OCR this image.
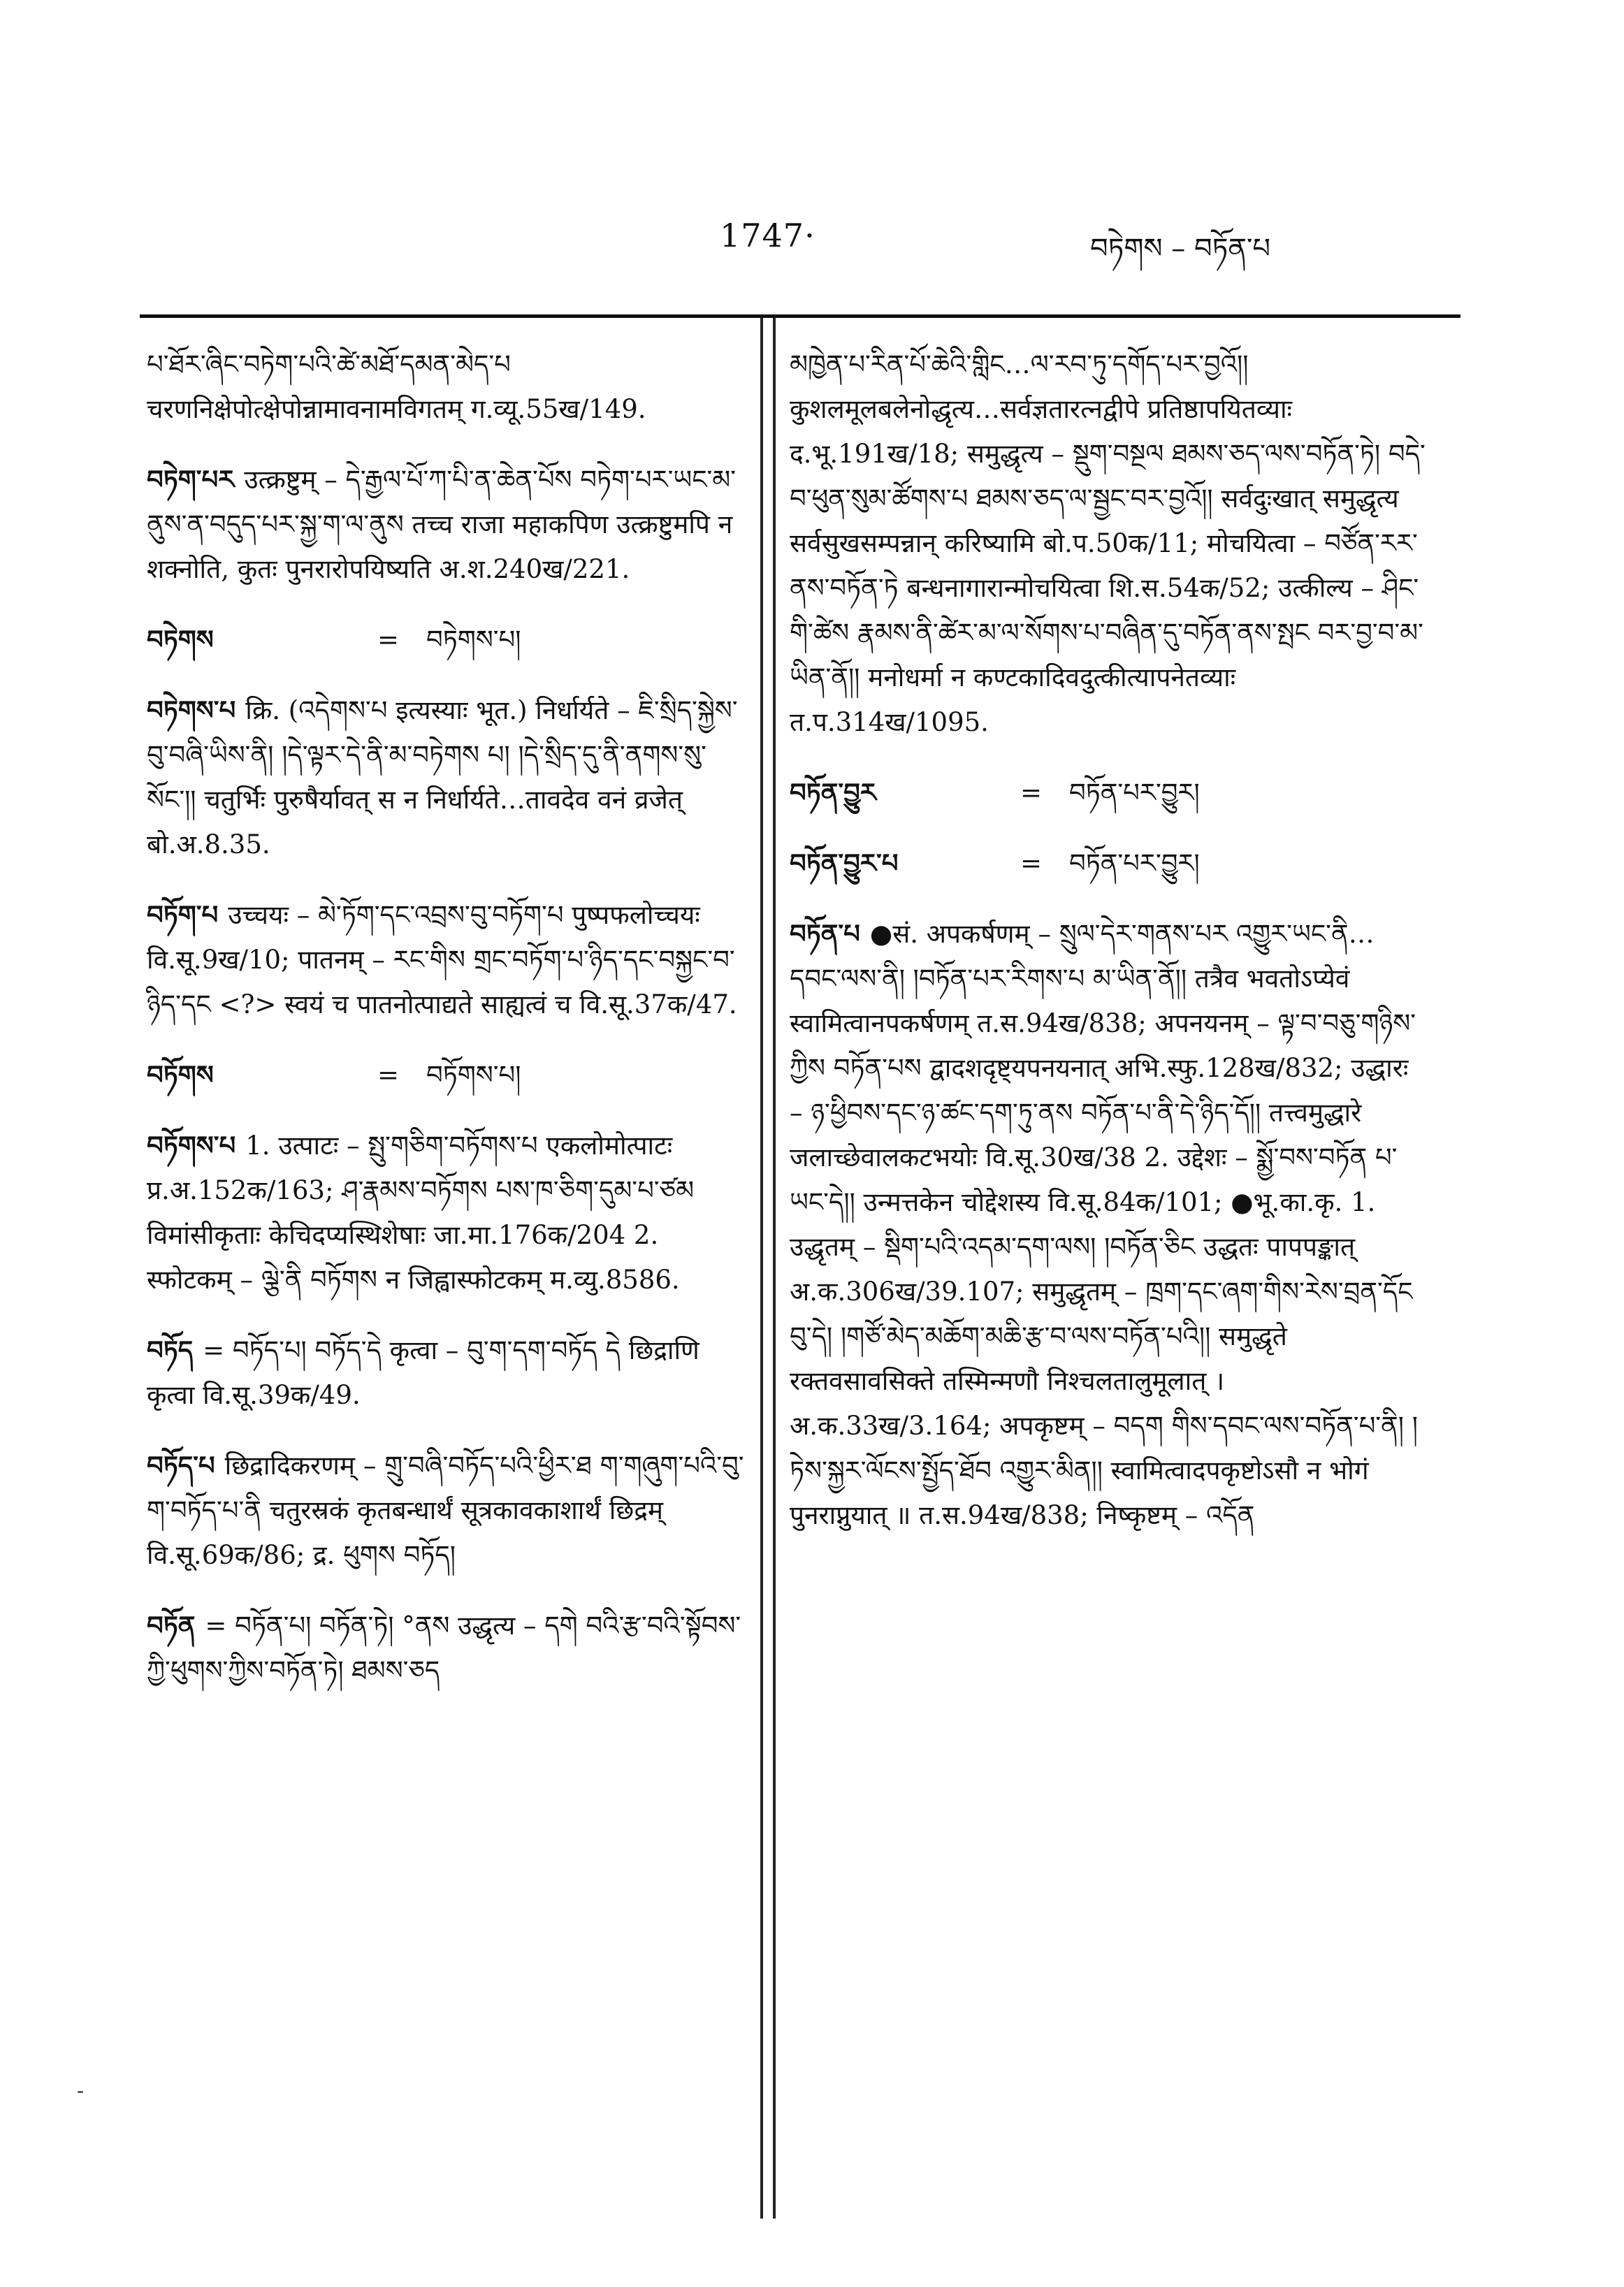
1747·	བཏེགས – བཏོན་པ
པ་ཐོར་ཞིང་བཏེག་པའི་ཚེ་མཐོ་དམན་མེད་པ चरणनिक्षेपोत्क्षेपोन्नामावनामविगतम् ग.व्यू.55ख/149.
བཏེག་པར उत्क्रष्टुम् – དེ་རྒྱལ་པོ་ཀ་པི་ན་ཆེན་པོས བཏེག་པར་ཡང་མ་ནུས་ན་བདུད་པར་སྐྱ་ག་ལ་ནུས तच्च राजा महाकपिण उत्क्रष्टुमपि न शक्नोति, कुतः पुनरारोपयिष्यति अ.श.240ख/221.
བཏེགས	=	བཏེགས་པ།
བཏེགས་པ क्रि. (འདེགས་པ इत्यस्याः भूत.) निर्धार्यते – ཇི་སྲིད་སྐྱེས་བུ་བཞི་ཡིས་ནི། །དེ་ལྟར་དེ་ནི་མ་བཏེགས པ། །དེ་སྲིད་དུ་ནི་ནགས་སུ་སོང༌།། चतुर्भिः पुरुषैर्यावत् स न निर्धार्यते…तावदेव वनं व्रजेत् बो.अ.8.35.
བཏོག་པ उच्चयः – མེ་ཏོག་དང་འབྲས་བུ་བཏོག་པ पुष्पफलोच्चयः वि.सू.9ख/10; पातनम् – རང་གིས གྲང་བཏོག་པ་ཉིད་དང་བསྐྱང་བ་ཉིད་དང <?> स्वयं च पातनोत्पाद्यते साह्यत्वं च वि.सू.37क/47.
བཏོགས	=	བཏོགས་པ།
བཏོགས་པ 1. उत्पाटः – སྤུ་གཅིག་བཏོགས་པ एकलोमोत्पाटः प्र.अ.152क/163; ཤ་རྣམས་བཏོགས པས་ཁ་ཅིག་དུམ་པ་ཙམ विमांसीकृताः केचिदप्यस्थिशेषाः जा.मा.176क/204 2. स्फोटकम् – ལྕེ་ནི བཏོགས न जिह्वास्फोटकम् म.व्यु.8586.
བཏོད = བཏོད་པ། བཏོད་དེ कृत्वा – བུ་ག་དག་བཏོད དེ छिद्राणि कृत्वा वि.सू.39क/49.
བཏོད་པ छिद्रादिकरणम् – གྲུ་བཞི་བཏོད་པའི་ཕྱིར་ཐ ག་གཞུག་པའི་བུ་ག་བཏོད་པ་ནི चतुरस्रकं कृतबन्धार्थं सूत्रकावकाशार्थं छिद्रम् वि.सू.69क/86; द्र. ཕུགས བཏོད།
བཏོན = བཏོན་པ། བཏོན་ཏེ། °ནས उद्धृत्य – དགེ བའི་རྩ་བའི་སྟོབས་ཀྱི་ཕུགས་ཀྱིས་བཏོན་ཏེ། ཐམས་ཅད
མཁྱེན་པ་རིན་པོ་ཆེའི་གླིང…ལ་རབ་ཏུ་དགོད་པར་བྱའོ།། कुशलमूलबलेनोद्धृत्य…सर्वज्ञतारत्नद्वीपे प्रतिष्ठापयितव्याः द.भू.191ख/18; समुद्धृत्य – སྡུག་བསྔལ ཐམས་ཅད་ལས་བཏོན་ཏེ། བདེ་བ་ཕུན་སུམ་ཚོགས་པ ཐམས་ཅད་ལ་སྦྱང་བར་བྱའོ།། सर्वदुःखात् समुद्धृत्य सर्वसुखसम्पन्नान् करिष्यामि बो.प.50क/11; मोचयित्वा – བཙོན་རར་ནས་བཏོན་ཏེ बन्धनागारान्मोचयित्वा शि.स.54क/52; उत्कील्य – ཤིང་གི་ཚེས རྣམས་ནི་ཚེར་མ་ལ་སོགས་པ་བཞིན་དུ་བཏོན་ནས་སྤང བར་བྱ་བ་མ་ཡིན་ནོ།། मनोधर्मा न कण्टकादिवदुत्कीत्यापनेतव्याः त.प.314ख/1095.
བཏོན་བྱུར	=	བཏོན་པར་བྱུར།
བཏོན་བྱུར་པ	=	བཏོན་པར་བྱུར།
བཏོན་པ ●सं. अपकर्षणम् – སྲུལ་དེར་གནས་པར འགྱུར་ཡང་ནི…དབང་ལས་ནི། །བཏོན་པར་རིགས་པ མ་ཡིན་ནོ།། तत्रैव भवतोऽप्येवं स्वामित्वानपकर्षणम् त.स.94ख/838; अपनयनम् – ལྟ་བ་བཅུ་གཉིས་ཀྱིས བཏོན་པས द्वादशदृष्ट्यपनयनात् अभि.स्फु.128ख/832; उद्धारः – ཉ་ཕྱིབས་དང་ཉ་ཚང་དག་ཏུ་ནས བཏོན་པ་ནི་དེ་ཉིད་དོ།། तत्त्वमुद्धारे जलाच्छेवालकटभयोः वि.सू.30ख/38 2. उद्देशः – སྨྱོ་བས་བཏོན པ་ཡང་དེ།། उन्मत्तकेन चोद्देशस्य वि.सू.84क/101; ●भू.का.कृ. 1. उद्धृतम् – སྡིག་པའི་འདམ་དག་ལས། །བཏོན་ཅིང उद्धतः पापपङ्कात् अ.क.306ख/39.107; समुद्धृतम् – ཁྲག་དང་ཞག་གིས་རེས་བྲན་དོང བུ་དེ། །གཙོ་མེད་མཆོག་མཆི་རྩ་བ་ལས་བཏོན་པའི།། समुद्धृते रक्तवसावसिक्ते तस्मिन्मणौ निश्चलतालुमूलात् । अ.क.33ख/3.164; अपकृष्टम् – བདག གིས་དབང་ལས་བཏོན་པ་ནི། །ཏེས་སྐྱར་ལོངས་སྤྱོད་ཐོབ འགྱུར་མིན།། स्वामित्वादपकृष्टोऽसौ न भोगं पुनराप्नुयात् ॥ त.स.94ख/838; निष्कृष्टम् – འདོན
-
